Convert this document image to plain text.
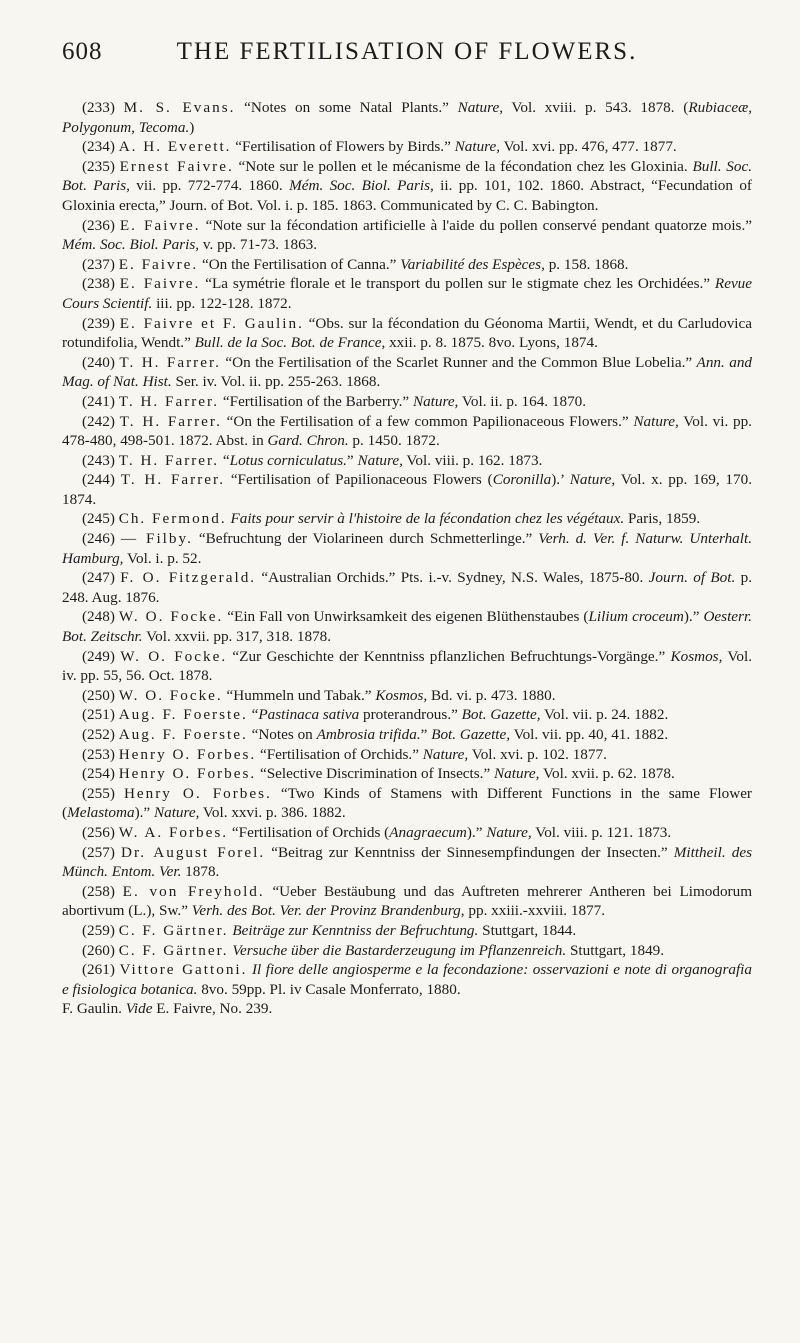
608	THE FERTILISATION OF FLOWERS.

(233) M. S. Evans. “Notes on some Natal Plants.” Nature, Vol. xviii. p. 543. 1878. (Rubiaceæ, Polygonum, Tecoma.)

(234) A. H. Everett. “Fertilisation of Flowers by Birds.” Nature, Vol. xvi. pp. 476, 477. 1877.

(235) Ernest Faivre. “Note sur le pollen et le mécanisme de la fécondation chez les Gloxinia. Bull. Soc. Bot. Paris, vii. pp. 772-774. 1860. Mém. Soc. Biol. Paris, ii. pp. 101, 102. 1860. Abstract, “Fecundation of Gloxinia erecta,” Journ. of Bot. Vol. i. p. 185. 1863. Communicated by C. C. Babington.

(236) E. Faivre. “Note sur la fécondation artificielle à l'aide du pollen conservé pendant quatorze mois.” Mém. Soc. Biol. Paris, v. pp. 71-73. 1863.

(237) E. Faivre. “On the Fertilisation of Canna.” Variabilité des Espèces, p. 158. 1868.

(238) E. Faivre. “La symétrie florale et le transport du pollen sur le stigmate chez les Orchidées.” Revue Cours Scientif. iii. pp. 122-128. 1872.

(239) E. Faivre et F. Gaulin. “Obs. sur la fécondation du Géonoma Martii, Wendt, et du Carludovica rotundifolia, Wendt.” Bull. de la Soc. Bot. de France, xxii. p. 8. 1875. 8vo. Lyons, 1874.

(240) T. H. Farrer. “On the Fertilisation of the Scarlet Runner and the Common Blue Lobelia.” Ann. and Mag. of Nat. Hist. Ser. iv. Vol. ii. pp. 255-263. 1868.

(241) T. H. Farrer. “Fertilisation of the Barberry.” Nature, Vol. ii. p. 164. 1870.

(242) T. H. Farrer. “On the Fertilisation of a few common Papilionaceous Flowers.” Nature, Vol. vi. pp. 478-480, 498-501. 1872. Abst. in Gard. Chron. p. 1450. 1872.

(243) T. H. Farrer. “Lotus corniculatus.” Nature, Vol. viii. p. 162. 1873.

(244) T. H. Farrer. “Fertilisation of Papilionaceous Flowers (Coronilla).’ Nature, Vol. x. pp. 169, 170. 1874.

(245) Ch. Fermond. Faits pour servir à l'histoire de la fécondation chez les végétaux. Paris, 1859.

(246) — Filby. “Befruchtung der Violarineen durch Schmetterlinge.” Verh. d. Ver. f. Naturw. Unterhalt. Hamburg, Vol. i. p. 52.

(247) F. O. Fitzgerald. “Australian Orchids.” Pts. i.-v. Sydney, N.S. Wales, 1875-80. Journ. of Bot. p. 248. Aug. 1876.

(248) W. O. Focke. “Ein Fall von Unwirksamkeit des eigenen Blüthenstaubes (Lilium croceum).” Oesterr. Bot. Zeitschr. Vol. xxvii. pp. 317, 318. 1878.

(249) W. O. Focke. “Zur Geschichte der Kenntniss pflanzlichen Befruchtungs-Vorgänge.” Kosmos, Vol. iv. pp. 55, 56. Oct. 1878.

(250) W. O. Focke. “Hummeln und Tabak.” Kosmos, Bd. vi. p. 473. 1880.

(251) Aug. F. Foerste. “Pastinaca sativa proterandrous.” Bot. Gazette, Vol. vii. p. 24. 1882.

(252) Aug. F. Foerste. “Notes on Ambrosia trifida.” Bot. Gazette, Vol. vii. pp. 40, 41. 1882.

(253) Henry O. Forbes. “Fertilisation of Orchids.” Nature, Vol. xvi. p. 102. 1877.

(254) Henry O. Forbes. “Selective Discrimination of Insects.” Nature, Vol. xvii. p. 62. 1878.

(255) Henry O. Forbes. “Two Kinds of Stamens with Different Functions in the same Flower (Melastoma).” Nature, Vol. xxvi. p. 386. 1882.

(256) W. A. Forbes. “Fertilisation of Orchids (Anagraecum).” Nature, Vol. viii. p. 121. 1873.

(257) Dr. August Forel. “Beitrag zur Kenntniss der Sinnesempfindungen der Insecten.” Mittheil. des Münch. Entom. Ver. 1878.

(258) E. von Freyhold. “Ueber Bestäubung und das Auftreten mehrerer Antheren bei Limodorum abortivum (L.), Sw.” Verh. des Bot. Ver. der Provinz Brandenburg, pp. xxiii.-xxviii. 1877.

(259) C. F. Gärtner. Beiträge zur Kenntniss der Befruchtung. Stuttgart, 1844.

(260) C. F. Gärtner. Versuche über die Bastarderzeugung im Pflanzenreich. Stuttgart, 1849.

(261) Vittore Gattoni. Il fiore delle angiosperme e la fecondazione: osservazioni e note di organografia e fisiologica botanica. 8vo. 59pp. Pl. iv Casale Monferrato, 1880.

F. Gaulin. Vide E. Faivre, No. 239.
